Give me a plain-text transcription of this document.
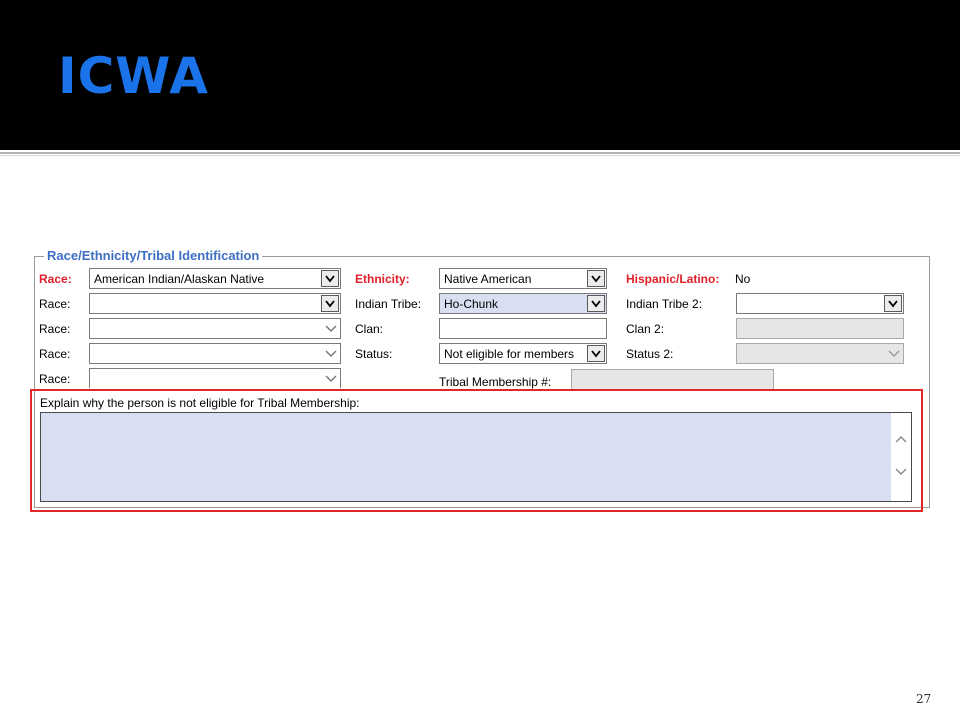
ICWA
Race/Ethnicity/Tribal Identification
Race: American Indian/Alaskan Native
Race:
Race:
Race:
Race:
Ethnicity:	Native American
Indian Tribe: Ho-Chunk
Clan:
Status:	Not eligible for members
Tribal Membership #:
Hispanic/Latino: No
Indian Tribe 2:
Clan 2:
Status 2:
Explain why the person is not eligible for Tribal Membership:
27
